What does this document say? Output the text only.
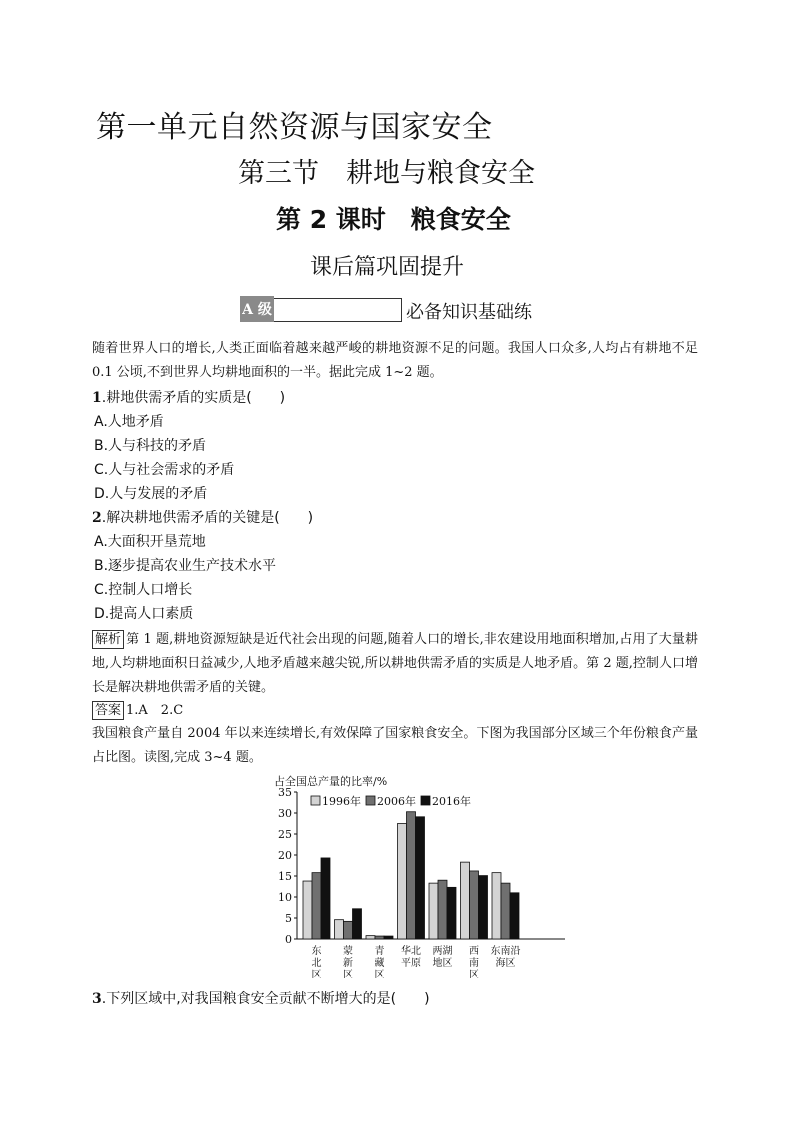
第一单元自然资源与国家安全
第三节　耕地与粮食安全
第 2 课时　粮食安全
课后篇巩固提升
A 级	必备知识基础练
随着世界人口的增长,人类正面临着越来越严峻的耕地资源不足的问题。我国人口众多,人均占有耕地不足 0.1 公顷,不到世界人均耕地面积的一半。据此完成 1~2 题。
1.耕地供需矛盾的实质是(　　)
A.人地矛盾
B.人与科技的矛盾
C.人与社会需求的矛盾
D.人与发展的矛盾
2.解决耕地供需矛盾的关键是(　　)
A.大面积开垦荒地
B.逐步提高农业生产技术水平
C.控制人口增长
D.提高人口素质
解析 第 1 题,耕地资源短缺是近代社会出现的问题,随着人口的增长,非农建设用地面积增加,占用了大量耕地,人均耕地面积日益减少,人地矛盾越来越尖锐,所以耕地供需矛盾的实质是人地矛盾。第 2 题,控制人口增长是解决耕地供需矛盾的关键。
答案 1.A　2.C
我国粮食产量自 2004 年以来连续增长,有效保障了国家粮食安全。下图为我国部分区域三个年份粮食产量占比图。读图,完成 3~4 题。
占全国总产量的比率/%
0
5
10
15
20
25
30
35
1996年 2006年 2016年
东
北
区
蒙
新
区
青
藏
区
华北
平原
两湖
地区
西
南
区
东南沿
海区
3.下列区域中,对我国粮食安全贡献不断增大的是(　　)
